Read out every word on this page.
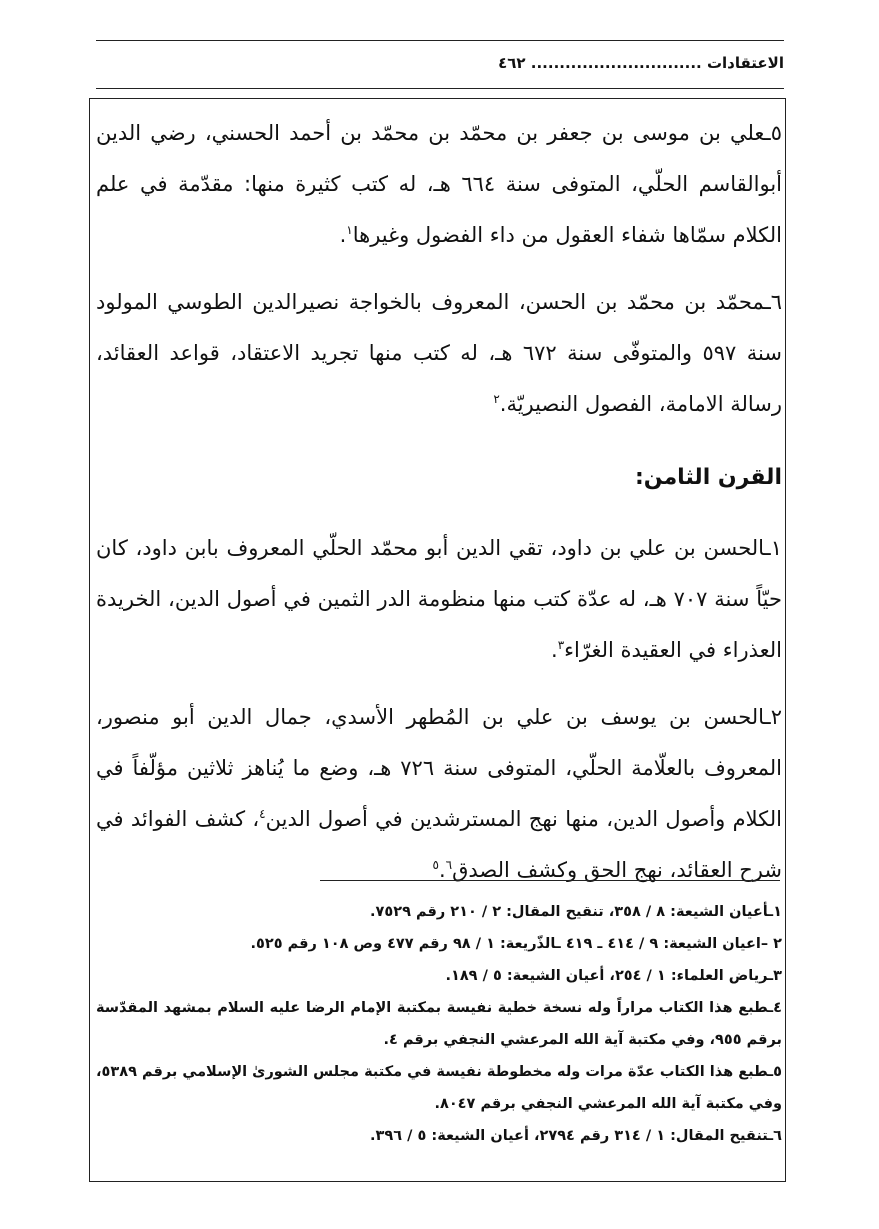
الاعتقادات .............................. ٤٦٢

٥ـعلي بن موسى بن جعفر بن محمّد بن محمّد بن أحمد الحسني، رضي الدين أبوالقاسم الحلّي، المتوفى سنة ٦٦٤ هـ، له كتب كثيرة منها: مقدّمة في علم الكلام سمّاها شفاء العقول من داء الفضول وغيرها$^١$.

٦ـمحمّد بن محمّد بن الحسن، المعروف بالخواجة نصيرالدين الطوسي المولود سنة ٥٩٧ والمتوفّى سنة ٦٧٢ هـ، له كتب منها تجريد الاعتقاد، قواعد العقائد، رسالة الامامة، الفصول النصيريّة.$^٢$

القرن الثامن:

١ـالحسن بن علي بن داود، تقي الدين أبو محمّد الحلّي المعروف بابن داود، كان حيّاً سنة ٧٠٧ هـ، له عدّة كتب منها منظومة الدر الثمين في أصول الدين، الخريدة العذراء في العقيدة الغرّاء$^٣$.

٢ـالحسن بن يوسف بن علي بن المُطهر الأسدي، جمال الدين أبو منصور، المعروف بالعلّامة الحلّي، المتوفى سنة ٧٢٦ هـ، وضع ما يُناهز ثلاثين مؤلّفاً في الكلام وأصول الدين، منها نهج المسترشدين في أصول الدين$^٤$، كشف الفوائد في شرح العقائد، نهج الحق وكشف الصدق$^٥$.$^٦$

١ـأعيان الشيعة: ٨ / ٣٥٨، تنقيح المقال: ٢ / ٢١٠ رقم ٧٥٢٩.

٢ –اعيان الشيعة: ٩ / ٤١٤ ـ ٤١٩ ـالذّريعة: ١ / ٩٨ رقم ٤٧٧ وص ١٠٨ رقم ٥٢٥.

٣ـرياض العلماء: ١ / ٢٥٤، أعيان الشيعة: ٥ / ١٨٩.

٤ـطبع هذا الكتاب مراراً وله نسخة خطية نفيسة بمكتبة الإمام الرضا عليه السلام بمشهد المقدّسة برقم ٩٥٥، وفي مكتبة آية الله المرعشي النجفي برقم ٤.

٥ـطبع هذا الكتاب عدّة مرات وله مخطوطة نفيسة في مكتبة مجلس الشورىٰ الإسلامي برقم ٥٣٨٩، وفي مكتبة آية الله المرعشي النجفي برقم ٨٠٤٧.

٦ـتنقيح المقال: ١ / ٣١٤ رقم ٢٧٩٤، أعيان الشيعة: ٥ / ٣٩٦.
